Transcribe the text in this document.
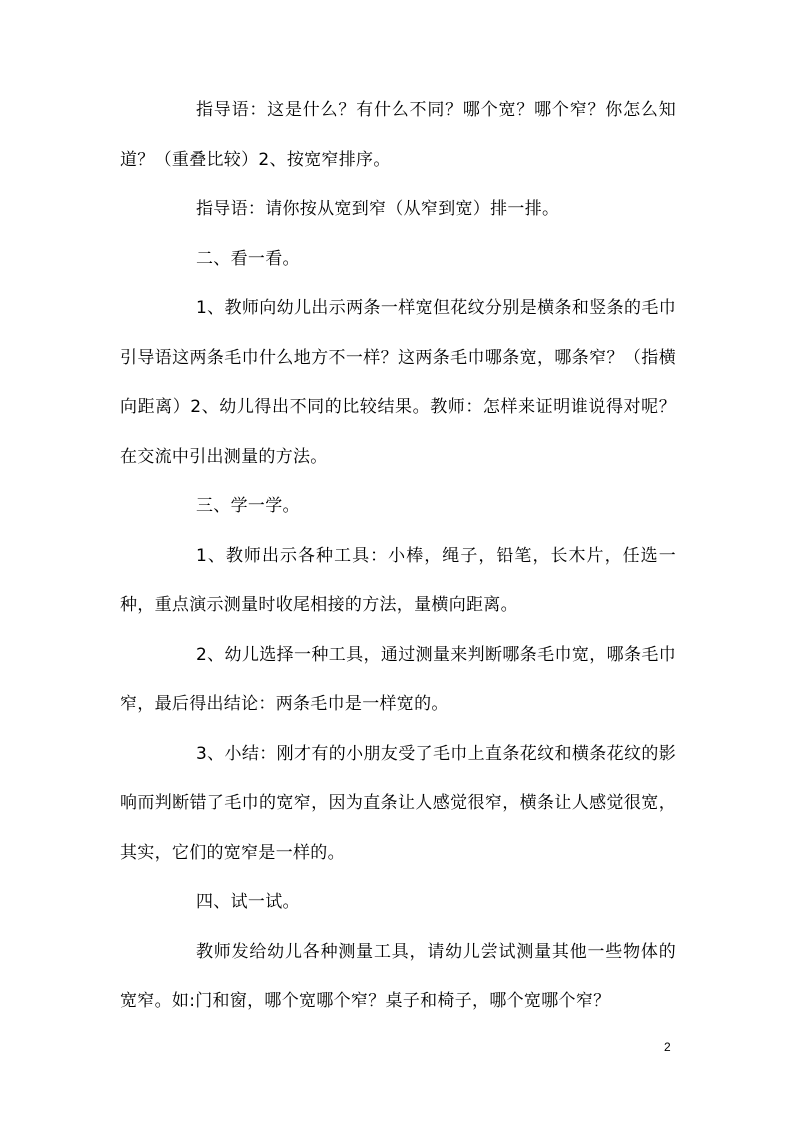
指导语：这是什么？有什么不同？哪个宽？哪个窄？你怎么知道？（重叠比较）2、按宽窄排序。

指导语：请你按从宽到窄（从窄到宽）排一排。

二、看一看。

1、教师向幼儿出示两条一样宽但花纹分别是横条和竖条的毛巾引导语这两条毛巾什么地方不一样？这两条毛巾哪条宽，哪条窄？（指横向距离）2、幼儿得出不同的比较结果。教师：怎样来证明谁说得对呢？在交流中引出测量的方法。

三、学一学。

1、教师出示各种工具：小棒，绳子，铅笔，长木片，任选一种，重点演示测量时收尾相接的方法，量横向距离。

2、幼儿选择一种工具，通过测量来判断哪条毛巾宽，哪条毛巾窄，最后得出结论：两条毛巾是一样宽的。

3、小结：刚才有的小朋友受了毛巾上直条花纹和横条花纹的影响而判断错了毛巾的宽窄，因为直条让人感觉很窄，横条让人感觉很宽，其实，它们的宽窄是一样的。

四、试一试。

教师发给幼儿各种测量工具，请幼儿尝试测量其他一些物体的宽窄。如:门和窗，哪个宽哪个窄？桌子和椅子，哪个宽哪个窄？

2
